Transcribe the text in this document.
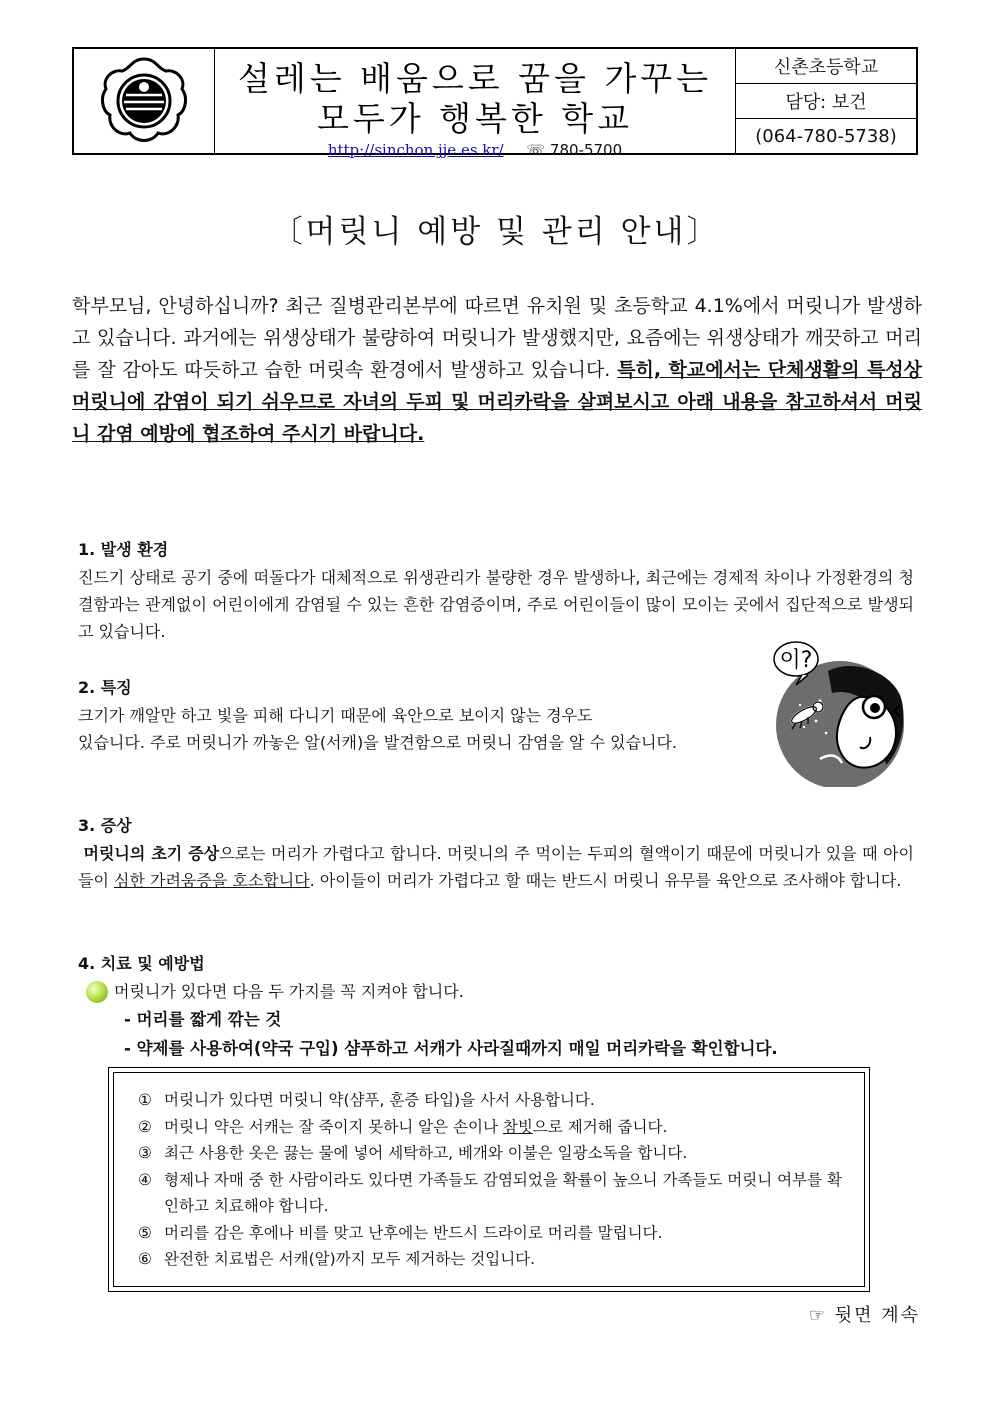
설레는 배움으로 꿈을 가꾸는
모두가 행복한 학교
http://sinchon.jje.es.kr/ ☏ 780-5700
신촌초등학교
담당: 보건
(064-780-5738)
〔머릿니 예방 및 관리 안내〕
학부모님, 안녕하십니까? 최근 질병관리본부에 따르면 유치원 및 초등학교 4.1%에서 머릿니가 발생하고 있습니다. 과거에는 위생상태가 불량하여 머릿니가 발생했지만, 요즘에는 위생상태가 깨끗하고 머리를 잘 감아도 따듯하고 습한 머릿속 환경에서 발생하고 있습니다. 특히, 학교에서는 단체생활의 특성상 머릿니에 감염이 되기 쉬우므로 자녀의 두피 및 머리카락을 살펴보시고 아래 내용을 참고하셔서 머릿니 감염 예방에 협조하여 주시기 바랍니다.
1. 발생 환경

진드기 상태로 공기 중에 떠돌다가 대체적으로 위생관리가 불량한 경우 발생하나, 최근에는 경제적 차이나 가정환경의 청결함과는 관계없이 어린이에게 감염될 수 있는 흔한 감염증이며, 주로 어린이들이 많이 모이는 곳에서 집단적으로 발생되고 있습니다.

2. 특징

크기가 깨알만 하고 빛을 피해 다니기 때문에 육안으로 보이지 않는 경우도

있습니다. 주로 머릿니가 까놓은 알(서캐)을 발견함으로 머릿니 감염을 알 수 있습니다.

이?
3. 증상

머릿니의 초기 증상으로는 머리가 가렵다고 합니다. 머릿니의 주 먹이는 두피의 혈액이기 때문에 머릿니가 있을 때 아이들이 심한 가려움증을 호소합니다. 아이들이 머리가 가렵다고 할 때는 반드시 머릿니 유무를 육안으로 조사해야 합니다.

4. 치료 및 예방법
머릿니가 있다면 다음 두 가지를 꼭 지켜야 합니다.
- 머리를 짧게 깎는 것
- 약제를 사용하여(약국 구입) 샴푸하고 서캐가 사라질때까지 매일 머리카락을 확인합니다.
① 머릿니가 있다면 머릿니 약(샴푸, 훈증 타입)을 사서 사용합니다.
② 머릿니 약은 서캐는 잘 죽이지 못하니 알은 손이나 참빗으로 제거해 줍니다.
③ 최근 사용한 옷은 끓는 물에 넣어 세탁하고, 베개와 이불은 일광소독을 합니다.
④ 형제나 자매 중 한 사람이라도 있다면 가족들도 감염되었을 확률이 높으니 가족들도 머릿니 여부를 확인하고 치료해야 합니다.
⑤ 머리를 감은 후에나 비를 맞고 난후에는 반드시 드라이로 머리를 말립니다.
⑥ 완전한 치료법은 서캐(알)까지 모두 제거하는 것입니다.
☞ 뒷면 계속
